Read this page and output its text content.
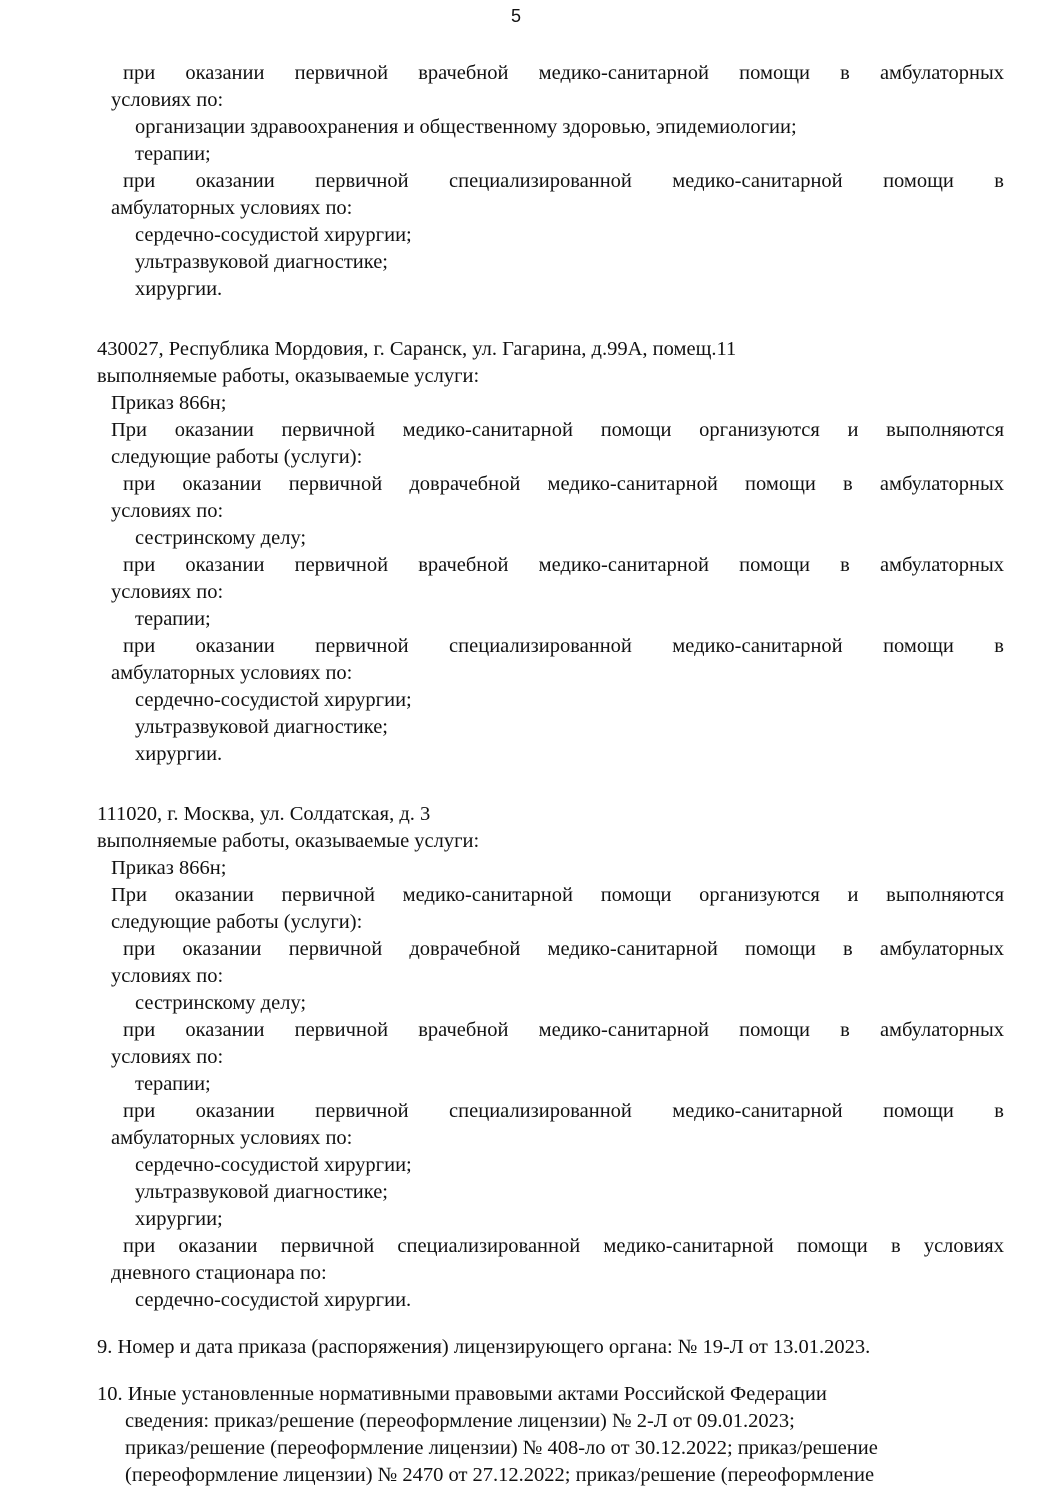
5
при оказании первичной врачебной медико-санитарной помощи в амбулаторных
условиях по:
организации здравоохранения и общественному здоровью, эпидемиологии;
терапии;
при оказании первичной специализированной медико-санитарной помощи в
амбулаторных условиях по:
сердечно-сосудистой хирургии;
ультразвуковой диагностике;
хирургии.
430027, Республика Мордовия, г. Саранск, ул. Гагарина, д.99А, помещ.11
выполняемые работы, оказываемые услуги:
Приказ 866н;
При оказании первичной медико-санитарной помощи организуются и выполняются
следующие работы (услуги):
при оказании первичной доврачебной медико-санитарной помощи в амбулаторных
условиях по:
сестринскому делу;
при оказании первичной врачебной медико-санитарной помощи в амбулаторных
условиях по:
терапии;
при оказании первичной специализированной медико-санитарной помощи в
амбулаторных условиях по:
сердечно-сосудистой хирургии;
ультразвуковой диагностике;
хирургии.
111020, г. Москва, ул. Солдатская, д. 3
выполняемые работы, оказываемые услуги:
Приказ 866н;
При оказании первичной медико-санитарной помощи организуются и выполняются
следующие работы (услуги):
при оказании первичной доврачебной медико-санитарной помощи в амбулаторных
условиях по:
сестринскому делу;
при оказании первичной врачебной медико-санитарной помощи в амбулаторных
условиях по:
терапии;
при оказании первичной специализированной медико-санитарной помощи в
амбулаторных условиях по:
сердечно-сосудистой хирургии;
ультразвуковой диагностике;
хирургии;
при оказании первичной специализированной медико-санитарной помощи в условиях
дневного стационара по:
сердечно-сосудистой хирургии.
9. Номер и дата приказа (распоряжения) лицензирующего органа: № 19-Л от 13.01.2023.
10. Иные установленные нормативными правовыми актами Российской Федерации
сведения: приказ/решение (переоформление лицензии) № 2-Л от 09.01.2023;
приказ/решение (переоформление лицензии) № 408-ло от 30.12.2022; приказ/решение
(переоформление лицензии) № 2470 от 27.12.2022; приказ/решение (переоформление
